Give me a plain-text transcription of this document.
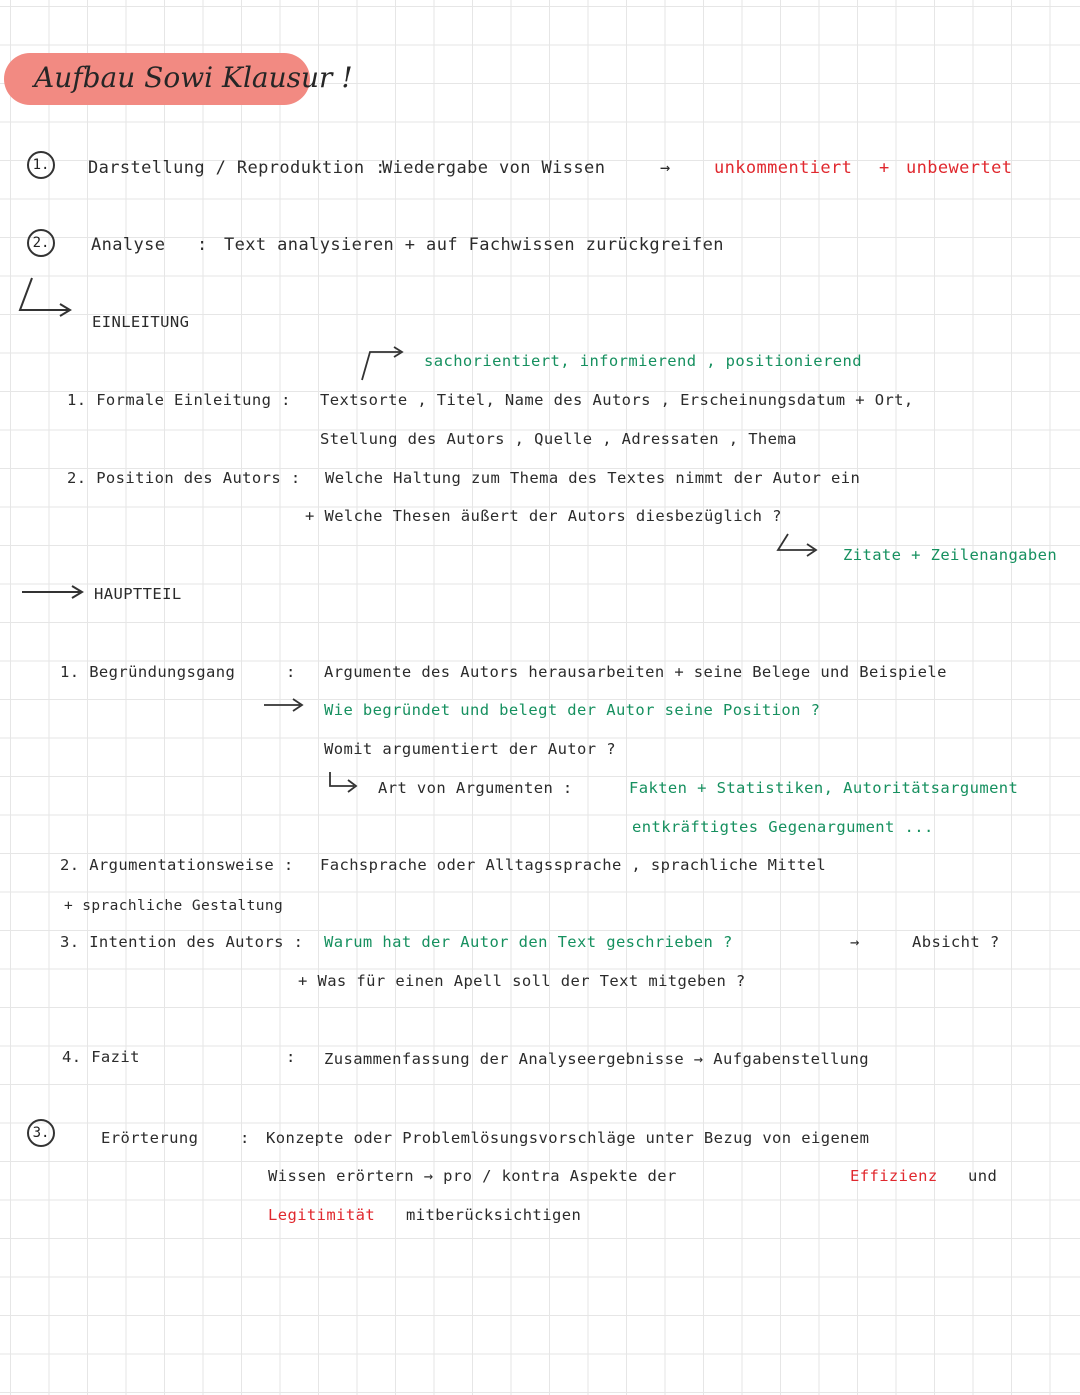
Aufbau Sowi Klausur !
1.	Darstellung / Reproduktion :
Wiedergabe von Wissen	→	unkommentiert + unbewertet
2.	Analyse : Text analysieren + auf Fachwissen zurückgreifen
EINLEITUNG
sachorientiert, informierend , positionierend
1. Formale Einleitung : Textsorte , Titel, Name des Autors , Erscheinungsdatum + Ort,
Stellung des Autors , Quelle , Adressaten , Thema
2. Position des Autors : Welche Haltung zum Thema des Textes nimmt der Autor ein
+ Welche Thesen äußert der Autors diesbezüglich ?
Zitate + Zeilenangaben
HAUPTTEIL
1. Begründungsgang	: Argumente des Autors herausarbeiten + seine Belege und Beispiele
Wie begründet und belegt der Autor seine Position ?
Womit argumentiert der Autor ?
Art von Argumenten :	Fakten + Statistiken, Autoritätsargument
entkräftigtes Gegenargument ...
2. Argumentationsweise : Fachsprache oder Alltagssprache , sprachliche Mittel
+ sprachliche Gestaltung
3. Intention des Autors : Warum hat der Autor den Text geschrieben ?	→	Absicht ?
+ Was für einen Apell soll der Text mitgeben ?
4. Fazit	: Zusammenfassung der Analyseergebnisse → Aufgabenstellung
3.	Erörterung	: Konzepte oder Problemlösungsvorschläge unter Bezug von eigenem
Wissen erörtern → pro / kontra Aspekte der	Effizienz und
Legitimität mitberücksichtigen
